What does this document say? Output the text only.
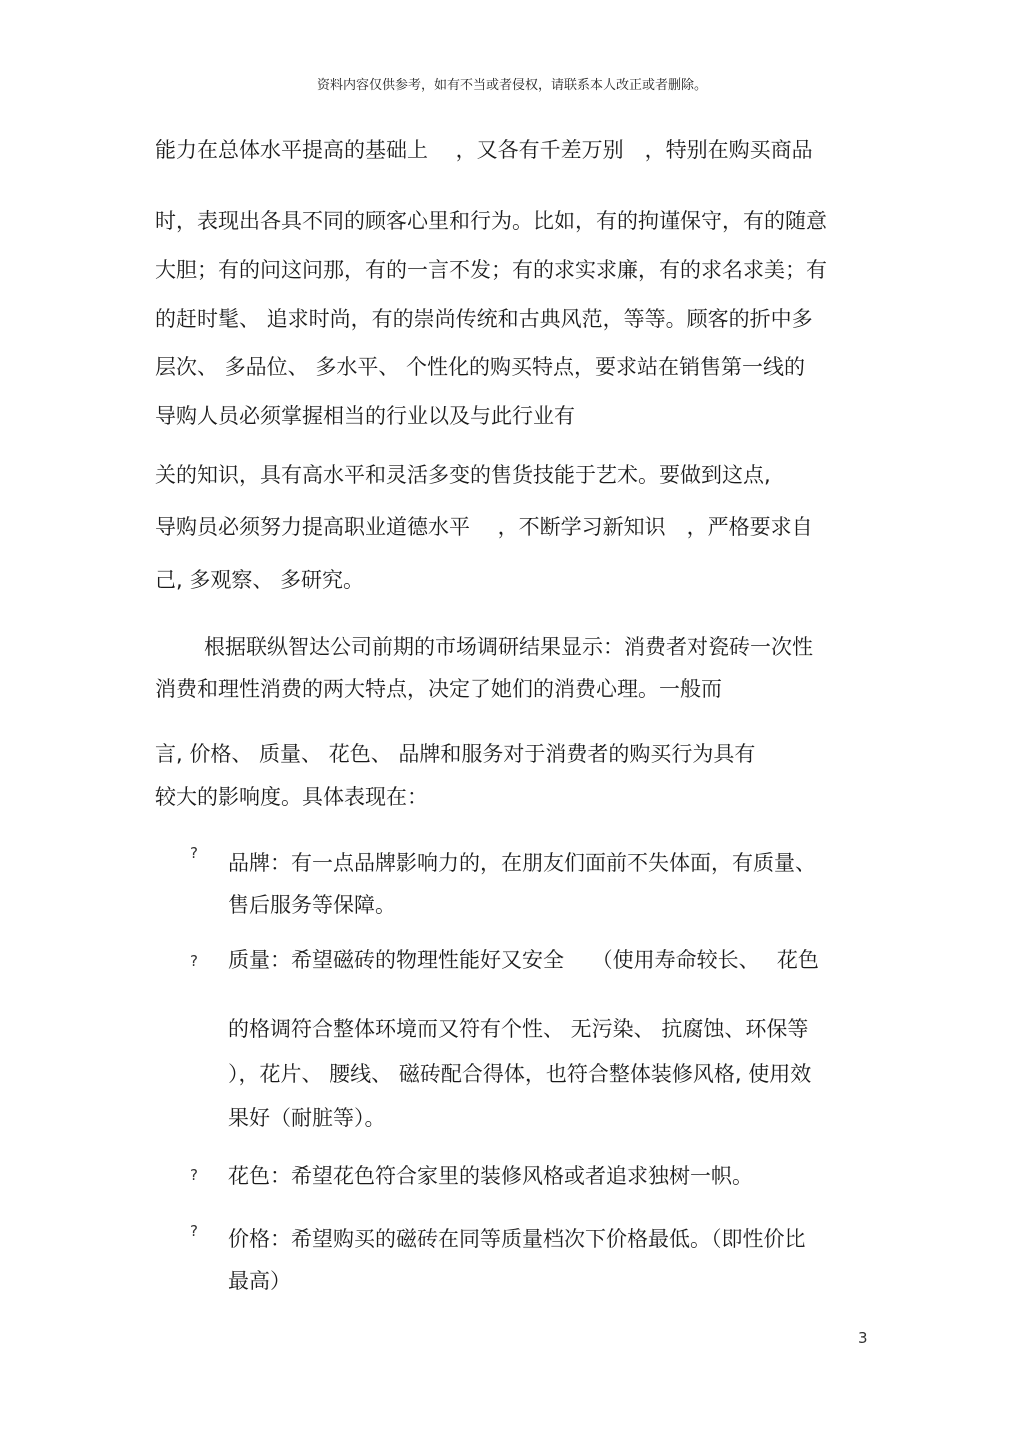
资料内容仅供参考，如有不当或者侵权，请联系本人改正或者删除。
能力在总体水平提高的基础上　 ，又各有千差万别　，特别在购买商品
时，表现出各具不同的顾客心里和行为。比如，有的拘谨保守，有的随意
大胆；有的问这问那，有的一言不发；有的求实求廉，有的求名求美；有
的赶时髦、 追求时尚，有的崇尚传统和古典风范，等等。顾客的折中多
层次、 多品位、 多水平、 个性化的购买特点，要求站在销售第一线的
导购人员必须掌握相当的行业以及与此行业有
关的知识，具有高水平和灵活多变的售货技能于艺术。要做到这点,
导购员必须努力提高职业道德水平　 ，不断学习新知识　，严格要求自
己, 多观察、 多研究。
根据联纵智达公司前期的市场调研结果显示：消费者对瓷砖一次性
消费和理性消费的两大特点，决定了她们的消费心理。一般而
言, 价格、 质量、 花色、 品牌和服务对于消费者的购买行为具有
较大的影响度。具体表现在：
品牌：有一点品牌影响力的，在朋友们面前不失体面，有质量、
售后服务等保障。
质量：希望磁砖的物理性能好又安全　 （使用寿命较长、　 花色
的格调符合整体环境而又符有个性、 无污染、 抗腐蚀、环保等
），花片、 腰线、 磁砖配合得体，也符合整体装修风格, 使用效
果好（耐脏等）。
花色：希望花色符合家里的装修风格或者追求独树一帜。
价格：希望购买的磁砖在同等质量档次下价格最低。（即性价比
最高）
?
?
?
?
3
